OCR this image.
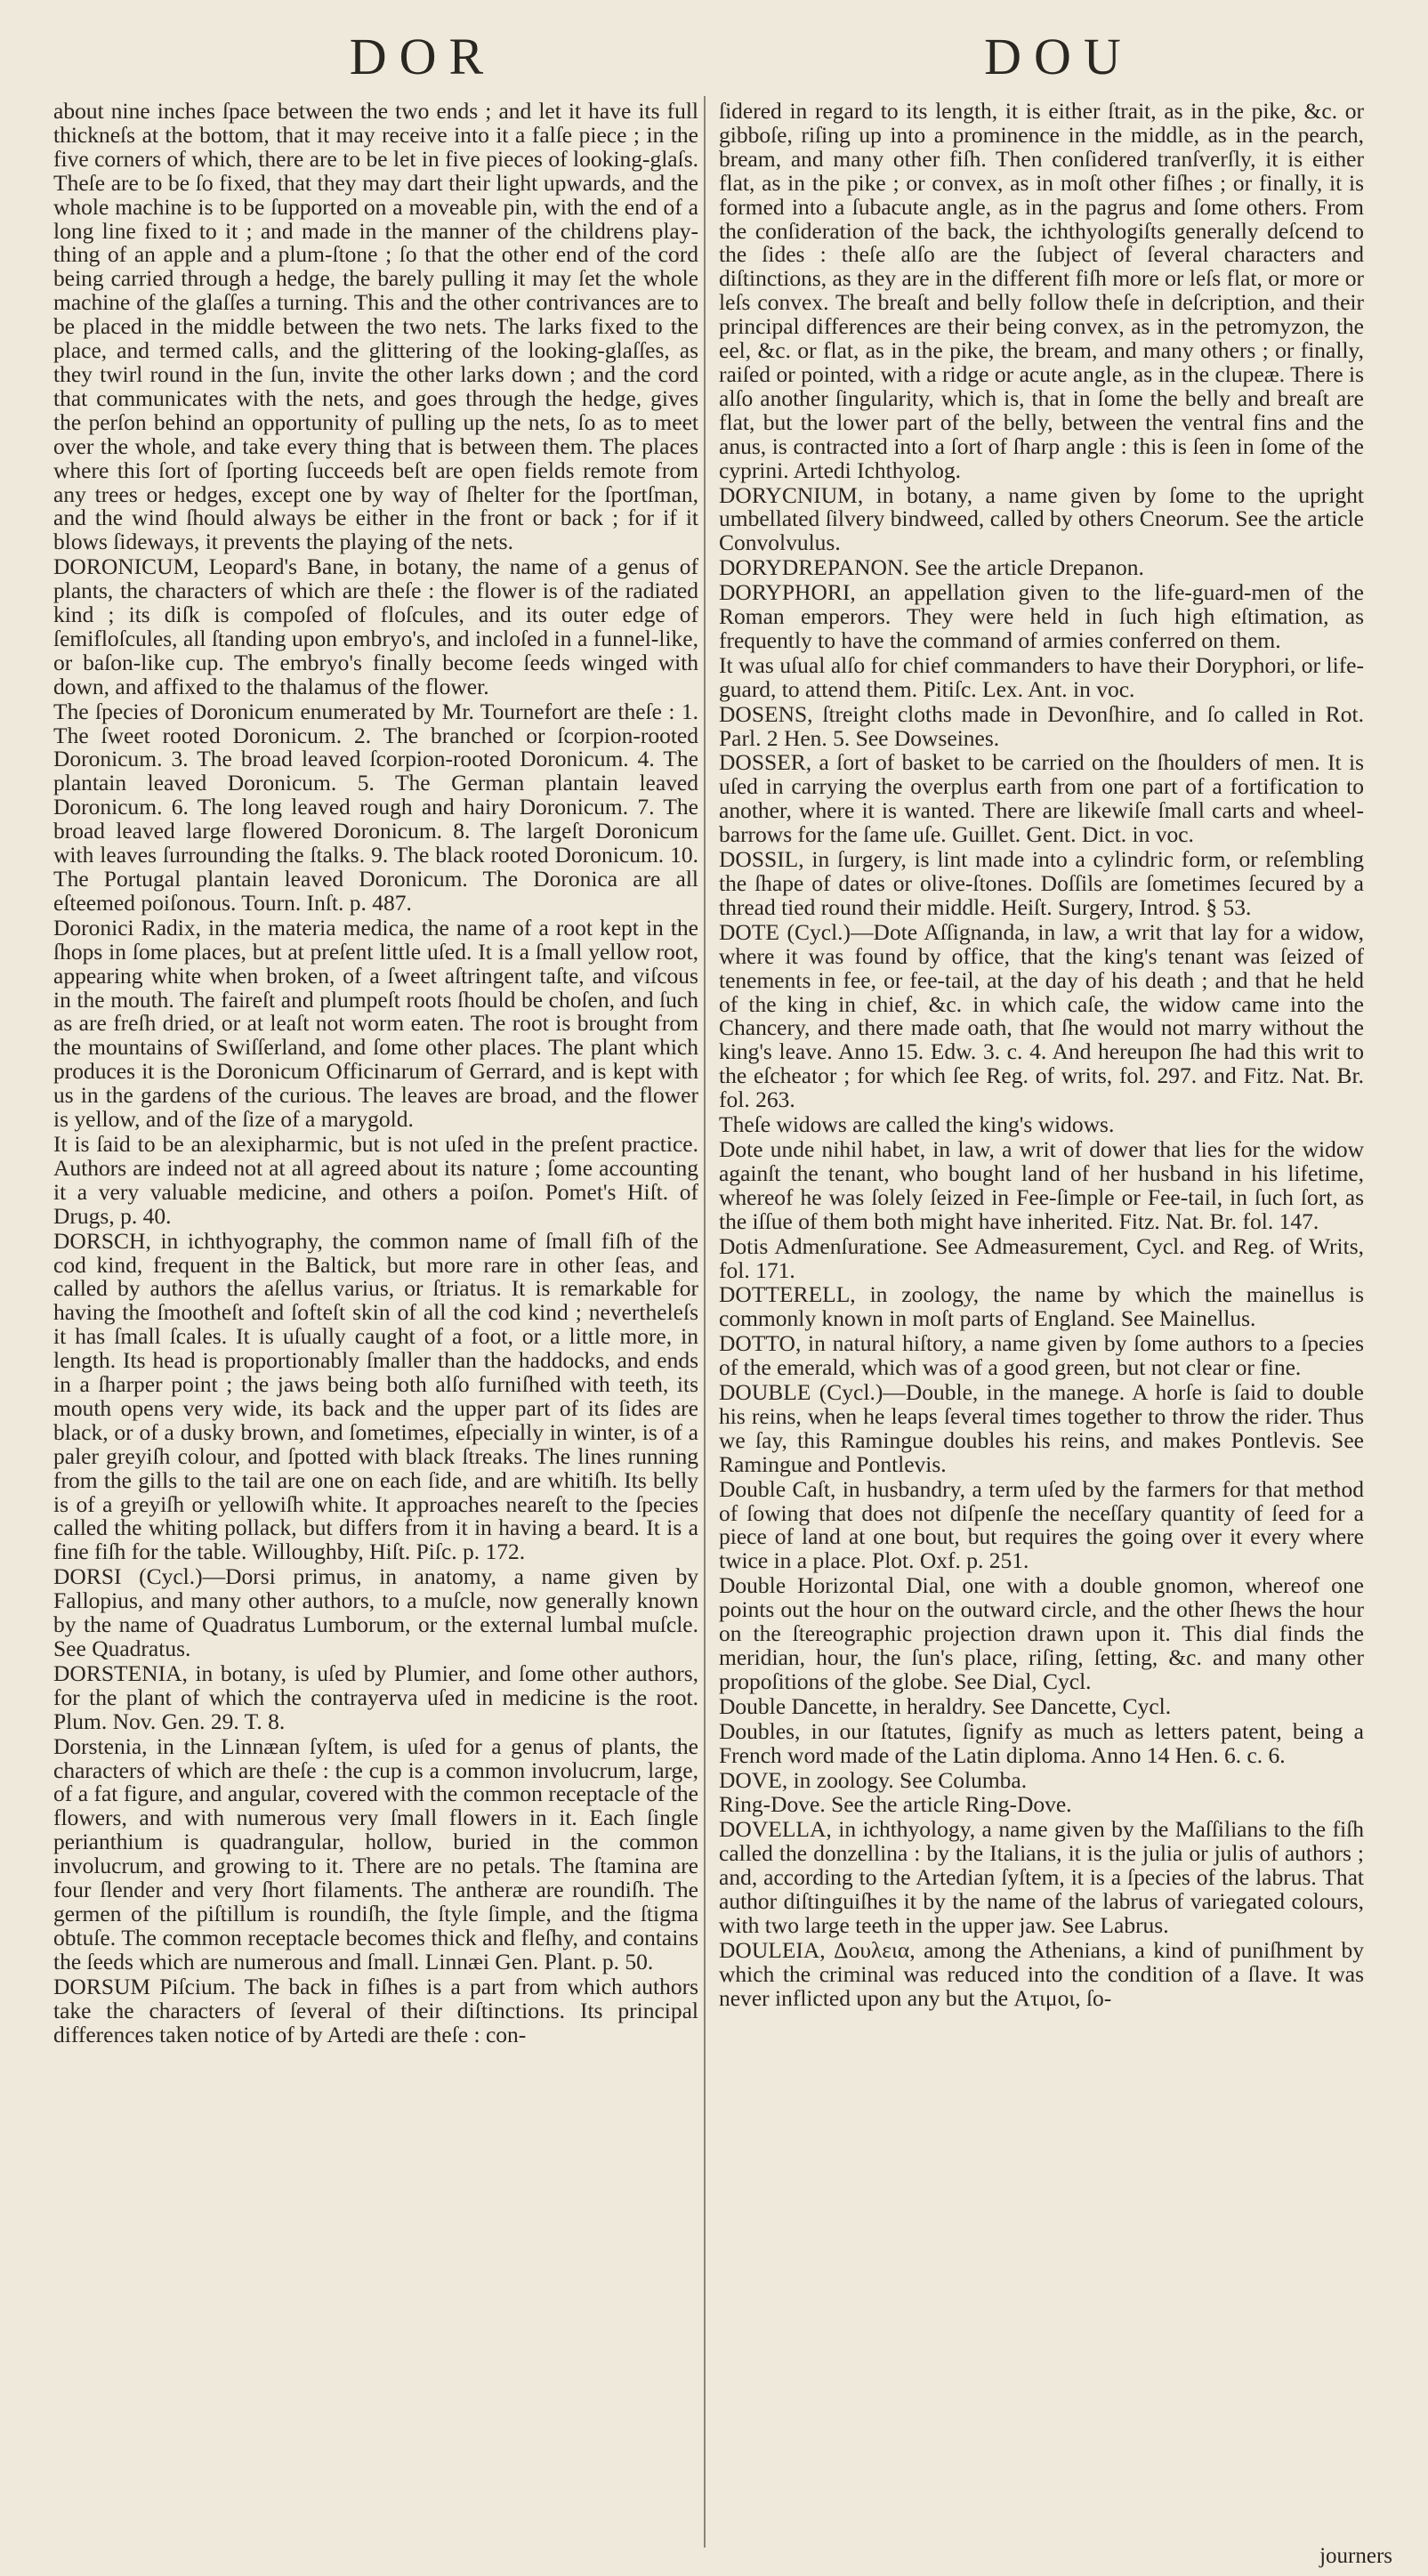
DOR	DOU

about nine inches ſpace between the two ends ; and let it have its full thickneſs at the bottom, that it may receive into it a falſe piece ; in the five corners of which, there are to be let in five pieces of looking-glaſs. Theſe are to be ſo fixed, that they may dart their light upwards, and the whole machine is to be ſupported on a moveable pin, with the end of a long line fixed to it ; and made in the manner of the childrens play-thing of an apple and a plum-ſtone ; ſo that the other end of the cord being carried through a hedge, the barely pulling it may ſet the whole machine of the glaſſes a turning. This and the other contrivances are to be placed in the middle between the two nets. The larks fixed to the place, and termed calls, and the glittering of the looking-glaſſes, as they twirl round in the ſun, invite the other larks down ; and the cord that communicates with the nets, and goes through the hedge, gives the perſon behind an opportunity of pulling up the nets, ſo as to meet over the whole, and take every thing that is between them. The places where this ſort of ſporting ſucceeds beſt are open fields remote from any trees or hedges, except one by way of ſhelter for the ſportſman, and the wind ſhould always be either in the front or back ; for if it blows ſideways, it prevents the playing of the nets.

DORONICUM, Leopard's Bane, in botany, the name of a genus of plants, the characters of which are theſe : the flower is of the radiated kind ; its diſk is compoſed of floſcules, and its outer edge of ſemifloſcules, all ſtanding upon embryo's, and incloſed in a funnel-like, or baſon-like cup. The embryo's finally become ſeeds winged with down, and affixed to the thalamus of the flower.

The ſpecies of Doronicum enumerated by Mr. Tournefort are theſe : 1. The ſweet rooted Doronicum. 2. The branched or ſcorpion-rooted Doronicum. 3. The broad leaved ſcorpion-rooted Doronicum. 4. The plantain leaved Doronicum. 5. The German plantain leaved Doronicum. 6. The long leaved rough and hairy Doronicum. 7. The broad leaved large flowered Doronicum. 8. The largeſt Doronicum with leaves ſurrounding the ſtalks. 9. The black rooted Doronicum. 10. The Portugal plantain leaved Doronicum. The Doronica are all eſteemed poiſonous. Tourn. Inſt. p. 487.

Doronici Radix, in the materia medica, the name of a root kept in the ſhops in ſome places, but at preſent little uſed. It is a ſmall yellow root, appearing white when broken, of a ſweet aſtringent taſte, and viſcous in the mouth. The faireſt and plumpeſt roots ſhould be choſen, and ſuch as are freſh dried, or at leaſt not worm eaten. The root is brought from the mountains of Swiſſerland, and ſome other places. The plant which produces it is the Doronicum Officinarum of Gerrard, and is kept with us in the gardens of the curious. The leaves are broad, and the flower is yellow, and of the ſize of a marygold.

It is ſaid to be an alexipharmic, but is not uſed in the preſent practice. Authors are indeed not at all agreed about its nature ; ſome accounting it a very valuable medicine, and others a poiſon. Pomet's Hiſt. of Drugs, p. 40.

DORSCH, in ichthyography, the common name of ſmall fiſh of the cod kind, frequent in the Baltick, but more rare in other ſeas, and called by authors the aſellus varius, or ſtriatus. It is remarkable for having the ſmootheſt and ſofteſt skin of all the cod kind ; nevertheleſs it has ſmall ſcales. It is uſually caught of a foot, or a little more, in length. Its head is proportionably ſmaller than the haddocks, and ends in a ſharper point ; the jaws being both alſo furniſhed with teeth, its mouth opens very wide, its back and the upper part of its ſides are black, or of a dusky brown, and ſometimes, eſpecially in winter, is of a paler greyiſh colour, and ſpotted with black ſtreaks. The lines running from the gills to the tail are one on each ſide, and are whitiſh. Its belly is of a greyiſh or yellowiſh white. It approaches neareſt to the ſpecies called the whiting pollack, but differs from it in having a beard. It is a fine fiſh for the table. Willoughby, Hiſt. Piſc. p. 172.

DORSI (Cycl.)—Dorsi primus, in anatomy, a name given by Fallopius, and many other authors, to a muſcle, now generally known by the name of Quadratus Lumborum, or the external lumbal muſcle. See Quadratus.

DORSTENIA, in botany, is uſed by Plumier, and ſome other authors, for the plant of which the contrayerva uſed in medicine is the root. Plum. Nov. Gen. 29. T. 8.

Dorstenia, in the Linnæan ſyſtem, is uſed for a genus of plants, the characters of which are theſe : the cup is a common involucrum, large, of a fat figure, and angular, covered with the common receptacle of the flowers, and with numerous very ſmall flowers in it. Each ſingle perianthium is quadrangular, hollow, buried in the common involucrum, and growing to it. There are no petals. The ſtamina are four ſlender and very ſhort filaments. The antheræ are roundiſh. The germen of the piſtillum is roundiſh, the ſtyle ſimple, and the ſtigma obtuſe. The common receptacle becomes thick and fleſhy, and contains the ſeeds which are numerous and ſmall. Linnæi Gen. Plant. p. 50.

DORSUM Piſcium. The back in fiſhes is a part from which authors take the characters of ſeveral of their diſtinctions. Its principal differences taken notice of by Artedi are theſe : con-

ſidered in regard to its length, it is either ſtrait, as in the pike, &c. or gibboſe, riſing up into a prominence in the middle, as in the pearch, bream, and many other fiſh. Then conſidered tranſverſly, it is either flat, as in the pike ; or convex, as in moſt other fiſhes ; or finally, it is formed into a ſubacute angle, as in the pagrus and ſome others. From the conſideration of the back, the ichthyologiſts generally deſcend to the ſides : theſe alſo are the ſubject of ſeveral characters and diſtinctions, as they are in the different fiſh more or leſs flat, or more or leſs convex. The breaſt and belly follow theſe in deſcription, and their principal differences are their being convex, as in the petromyzon, the eel, &c. or flat, as in the pike, the bream, and many others ; or finally, raiſed or pointed, with a ridge or acute angle, as in the clupeæ. There is alſo another ſingularity, which is, that in ſome the belly and breaſt are flat, but the lower part of the belly, between the ventral fins and the anus, is contracted into a ſort of ſharp angle : this is ſeen in ſome of the cyprini. Artedi Ichthyolog.

DORYCNIUM, in botany, a name given by ſome to the upright umbellated ſilvery bindweed, called by others Cneorum. See the article Convolvulus.

DORYDREPANON. See the article Drepanon.

DORYPHORI, an appellation given to the life-guard-men of the Roman emperors. They were held in ſuch high eſtimation, as frequently to have the command of armies conferred on them.

It was uſual alſo for chief commanders to have their Doryphori, or life-guard, to attend them. Pitiſc. Lex. Ant. in voc.

DOSENS, ſtreight cloths made in Devonſhire, and ſo called in Rot. Parl. 2 Hen. 5. See Dowseines.

DOSSER, a ſort of basket to be carried on the ſhoulders of men. It is uſed in carrying the overplus earth from one part of a fortification to another, where it is wanted. There are likewiſe ſmall carts and wheel-barrows for the ſame uſe. Guillet. Gent. Dict. in voc.

DOSSIL, in ſurgery, is lint made into a cylindric form, or reſembling the ſhape of dates or olive-ſtones. Doſſils are ſometimes ſecured by a thread tied round their middle. Heiſt. Surgery, Introd. § 53.

DOTE (Cycl.)—Dote Aſſignanda, in law, a writ that lay for a widow, where it was found by office, that the king's tenant was ſeized of tenements in fee, or fee-tail, at the day of his death ; and that he held of the king in chief, &c. in which caſe, the widow came into the Chancery, and there made oath, that ſhe would not marry without the king's leave. Anno 15. Edw. 3. c. 4. And hereupon ſhe had this writ to the eſcheator ; for which ſee Reg. of writs, fol. 297. and Fitz. Nat. Br. fol. 263.

Theſe widows are called the king's widows.

Dote unde nihil habet, in law, a writ of dower that lies for the widow againſt the tenant, who bought land of her husband in his lifetime, whereof he was ſolely ſeized in Fee-ſimple or Fee-tail, in ſuch ſort, as the iſſue of them both might have inherited. Fitz. Nat. Br. fol. 147.

Dotis Admenſuratione. See Admeasurement, Cycl. and Reg. of Writs, fol. 171.

DOTTERELL, in zoology, the name by which the mainellus is commonly known in moſt parts of England. See Mainellus.

DOTTO, in natural hiſtory, a name given by ſome authors to a ſpecies of the emerald, which was of a good green, but not clear or fine.

DOUBLE (Cycl.)—Double, in the manege. A horſe is ſaid to double his reins, when he leaps ſeveral times together to throw the rider. Thus we ſay, this Ramingue doubles his reins, and makes Pontlevis. See Ramingue and Pontlevis.

Double Caſt, in husbandry, a term uſed by the farmers for that method of ſowing that does not diſpenſe the neceſſary quantity of ſeed for a piece of land at one bout, but requires the going over it every where twice in a place. Plot. Oxf. p. 251.

Double Horizontal Dial, one with a double gnomon, whereof one points out the hour on the outward circle, and the other ſhews the hour on the ſtereographic projection drawn upon it. This dial finds the meridian, hour, the ſun's place, riſing, ſetting, &c. and many other propoſitions of the globe. See Dial, Cycl.

Double Dancette, in heraldry. See Dancette, Cycl.

Doubles, in our ſtatutes, ſignify as much as letters patent, being a French word made of the Latin diploma. Anno 14 Hen. 6. c. 6.

DOVE, in zoology. See Columba.

Ring-Dove. See the article Ring-Dove.

DOVELLA, in ichthyology, a name given by the Maſſilians to the fiſh called the donzellina : by the Italians, it is the julia or julis of authors ; and, according to the Artedian ſyſtem, it is a ſpecies of the labrus. That author diſtinguiſhes it by the name of the labrus of variegated colours, with two large teeth in the upper jaw. See Labrus.

DOULEIA, Δουλεια, among the Athenians, a kind of puniſhment by which the criminal was reduced into the condition of a ſlave. It was never inflicted upon any but the Ατιμοι, ſo-

journers
